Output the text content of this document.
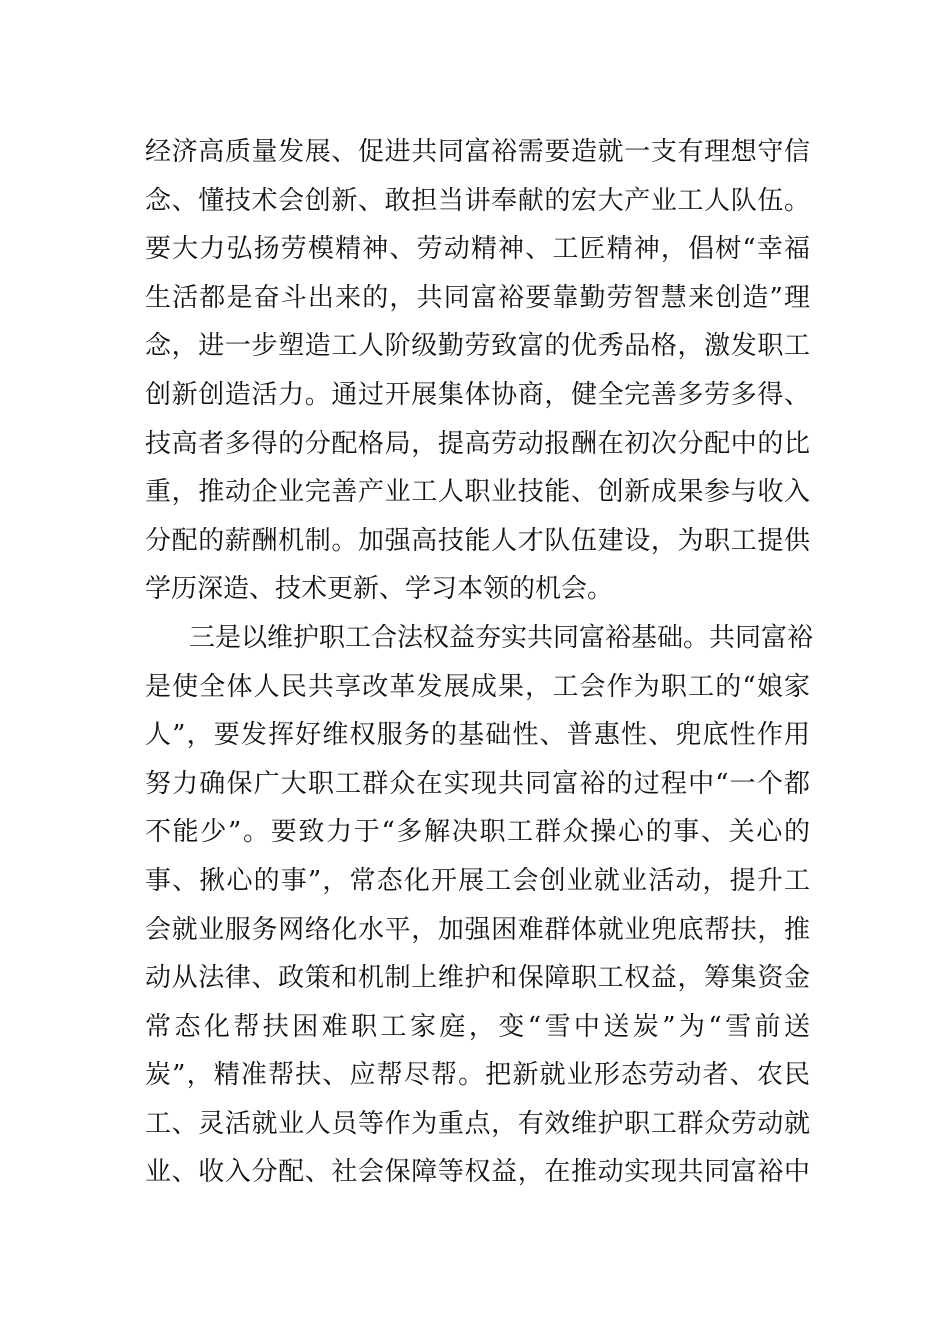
经济高质量发展、促进共同富裕需要造就一支有理想守信
念、懂技术会创新、敢担当讲奉献的宏大产业工人队伍。
要大力弘扬劳模精神、劳动精神、工匠精神，倡树“幸福
生活都是奋斗出来的，共同富裕要靠勤劳智慧来创造”理
念，进一步塑造工人阶级勤劳致富的优秀品格，激发职工
创新创造活力。通过开展集体协商，健全完善多劳多得、
技高者多得的分配格局，提高劳动报酬在初次分配中的比
重，推动企业完善产业工人职业技能、创新成果参与收入
分配的薪酬机制。加强高技能人才队伍建设，为职工提供
学历深造、技术更新、学习本领的机会。
三是以维护职工合法权益夯实共同富裕基础。共同富裕
是使全体人民共享改革发展成果，工会作为职工的“娘家
人”，要发挥好维权服务的基础性、普惠性、兜底性作用
努力确保广大职工群众在实现共同富裕的过程中“一个都
不能少”。要致力于“多解决职工群众操心的事、关心的
事、揪心的事”，常态化开展工会创业就业活动，提升工
会就业服务网络化水平，加强困难群体就业兜底帮扶，推
动从法律、政策和机制上维护和保障职工权益，筹集资金
常态化帮扶困难职工家庭，变“雪中送炭”为“雪前送
炭”，精准帮扶、应帮尽帮。把新就业形态劳动者、农民
工、灵活就业人员等作为重点，有效维护职工群众劳动就
业、收入分配、社会保障等权益，在推动实现共同富裕中
